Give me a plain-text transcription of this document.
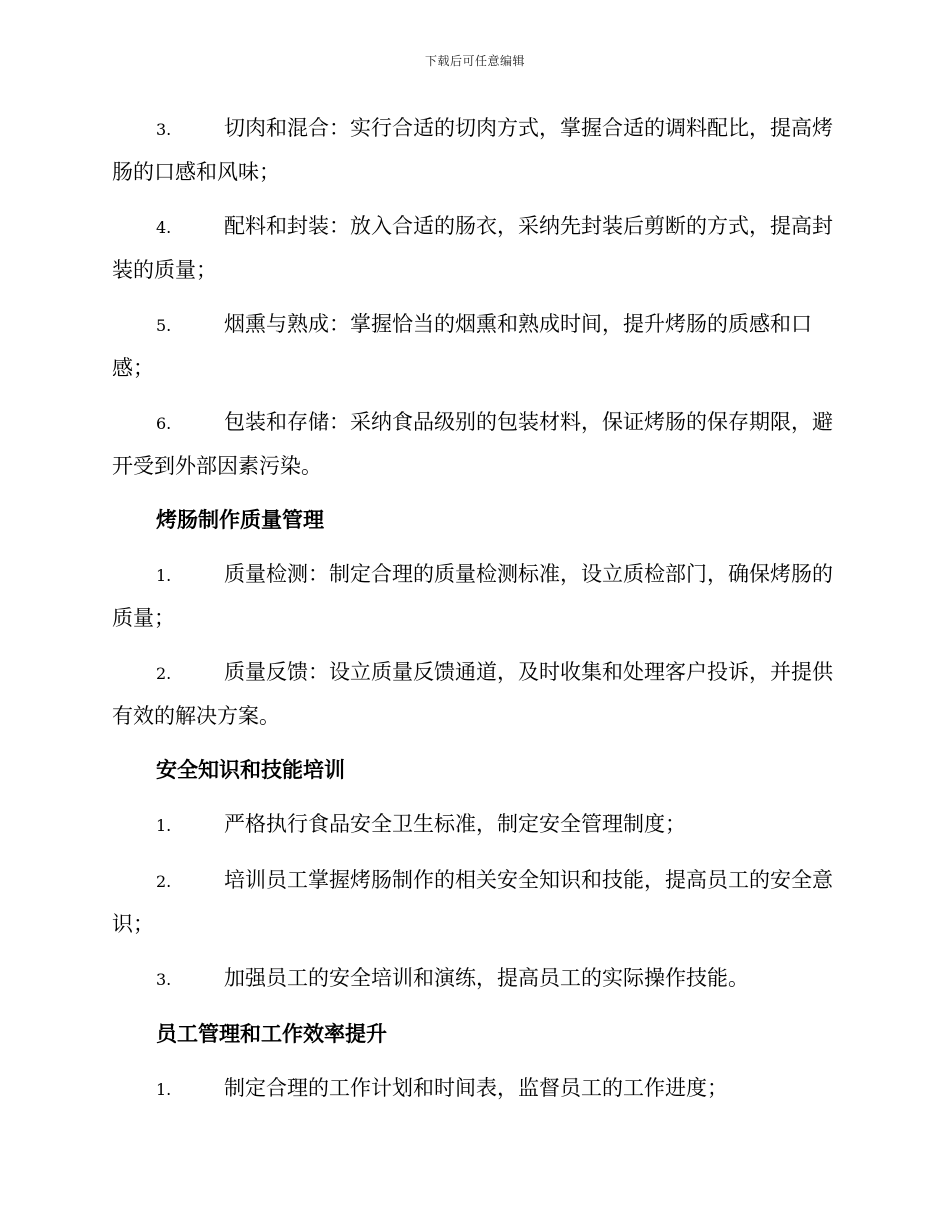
下载后可任意编辑

3.	切肉和混合：实行合适的切肉方式，掌握合适的调料配比，提高烤肠的口感和风味；

4.	配料和封装：放入合适的肠衣，采纳先封装后剪断的方式，提高封装的质量；

5.	烟熏与熟成：掌握恰当的烟熏和熟成时间，提升烤肠的质感和口感；

6.	包装和存储：采纳食品级别的包装材料，保证烤肠的保存期限，避开受到外部因素污染。

烤肠制作质量管理

1.	质量检测：制定合理的质量检测标准，设立质检部门，确保烤肠的质量；

2.	质量反馈：设立质量反馈通道，及时收集和处理客户投诉，并提供有效的解决方案。

安全知识和技能培训

1.	严格执行食品安全卫生标准，制定安全管理制度；

2.	培训员工掌握烤肠制作的相关安全知识和技能，提高员工的安全意识；

3.	加强员工的安全培训和演练，提高员工的实际操作技能。

员工管理和工作效率提升

1.	制定合理的工作计划和时间表，监督员工的工作进度；
